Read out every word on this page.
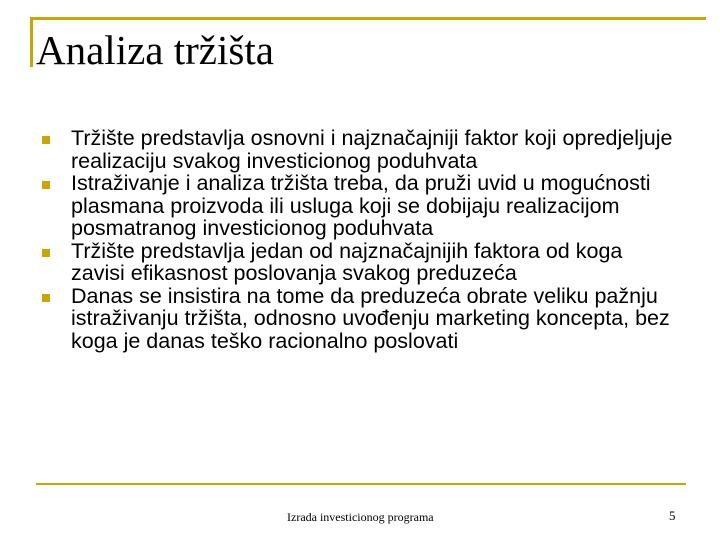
Analiza tržišta
Tržište predstavlja osnovni i najznačajniji faktor koji opredjeljuje realizaciju svakog investicionog poduhvata
Istraživanje i analiza tržišta treba, da pruži uvid u mogućnosti plasmana proizvoda ili usluga koji se dobijaju realizacijom posmatranog investicionog poduhvata
Tržište predstavlja jedan od najznačajnijih faktora od koga zavisi efikasnost poslovanja svakog preduzeća
Danas se insistira na tome da preduzeća obrate veliku pažnju istraživanju tržišta, odnosno uvođenju marketing koncepta, bez koga je danas teško racionalno poslovati
Izrada investicionog programa	5
